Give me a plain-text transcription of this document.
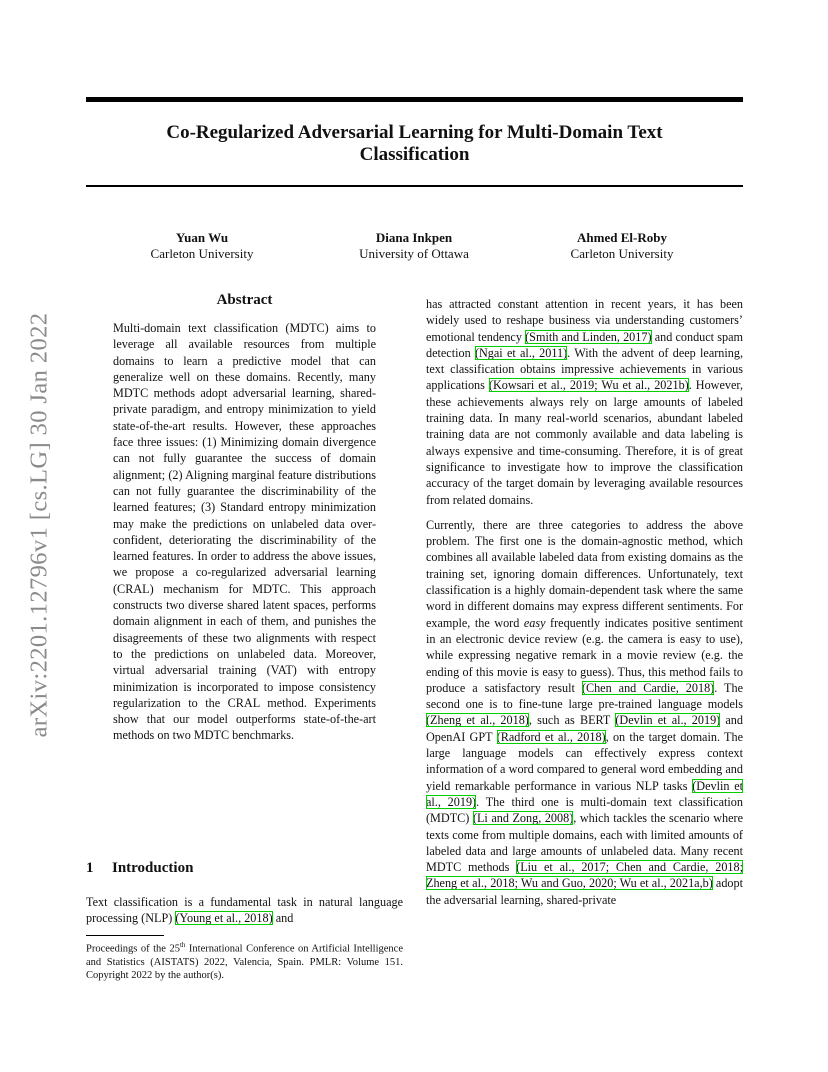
Co-Regularized Adversarial Learning for Multi-Domain Text
Classification
Yuan Wu
Carleton University
Diana Inkpen
University of Ottawa
Ahmed El-Roby
Carleton University
arXiv:2201.12796v1 [cs.LG] 30 Jan 2022
Abstract
Multi-domain text classification (MDTC) aims to leverage all available resources from multiple domains to learn a predictive model that can generalize well on these domains. Recently, many MDTC methods adopt adversarial learning, shared-private paradigm, and entropy minimization to yield state-of-the-art results. However, these approaches face three issues: (1) Minimizing domain divergence can not fully guarantee the success of domain alignment; (2) Aligning marginal feature distributions can not fully guarantee the discriminability of the learned features; (3) Standard entropy minimization may make the predictions on unlabeled data over-confident, deteriorating the discriminability of the learned features. In order to address the above issues, we propose a co-regularized adversarial learning (CRAL) mechanism for MDTC. This approach constructs two diverse shared latent spaces, performs domain alignment in each of them, and punishes the disagreements of these two alignments with respect to the predictions on unlabeled data. Moreover, virtual adversarial training (VAT) with entropy minimization is incorporated to impose consistency regularization to the CRAL method. Experiments show that our model outperforms state-of-the-art methods on two MDTC benchmarks.
1 Introduction
Text classification is a fundamental task in natural language processing (NLP) (Young et al., 2018) and
Proceedings of the 25th International Conference on Artificial Intelligence and Statistics (AISTATS) 2022, Valencia, Spain. PMLR: Volume 151. Copyright 2022 by the author(s).

has attracted constant attention in recent years, it has been widely used to reshape business via understanding customers’ emotional tendency (Smith and Linden, 2017) and conduct spam detection (Ngai et al., 2011). With the advent of deep learning, text classification obtains impressive achievements in various applications (Kowsari et al., 2019; Wu et al., 2021b). However, these achievements always rely on large amounts of labeled training data. In many real-world scenarios, abundant labeled training data are not commonly available and data labeling is always expensive and time-consuming. Therefore, it is of great significance to investigate how to improve the classification accuracy of the target domain by leveraging available resources from related domains.

Currently, there are three categories to address the above problem. The first one is the domain-agnostic method, which combines all available labeled data from existing domains as the training set, ignoring domain differences. Unfortunately, text classification is a highly domain-dependent task where the same word in different domains may express different sentiments. For example, the word easy frequently indicates positive sentiment in an electronic device review (e.g. the camera is easy to use), while expressing negative remark in a movie review (e.g. the ending of this movie is easy to guess). Thus, this method fails to produce a satisfactory result (Chen and Cardie, 2018). The second one is to fine-tune large pre-trained language models (Zheng et al., 2018), such as BERT (Devlin et al., 2019) and OpenAI GPT (Radford et al., 2018), on the target domain. The large language models can effectively express context information of a word compared to general word embedding and yield remarkable performance in various NLP tasks (Devlin et al., 2019). The third one is multi-domain text classification (MDTC) (Li and Zong, 2008), which tackles the scenario where texts come from multiple domains, each with limited amounts of labeled data and large amounts of unlabeled data. Many recent MDTC methods (Liu et al., 2017; Chen and Cardie, 2018; Zheng et al., 2018; Wu and Guo, 2020; Wu et al., 2021a,b) adopt the adversarial learning, shared-private
